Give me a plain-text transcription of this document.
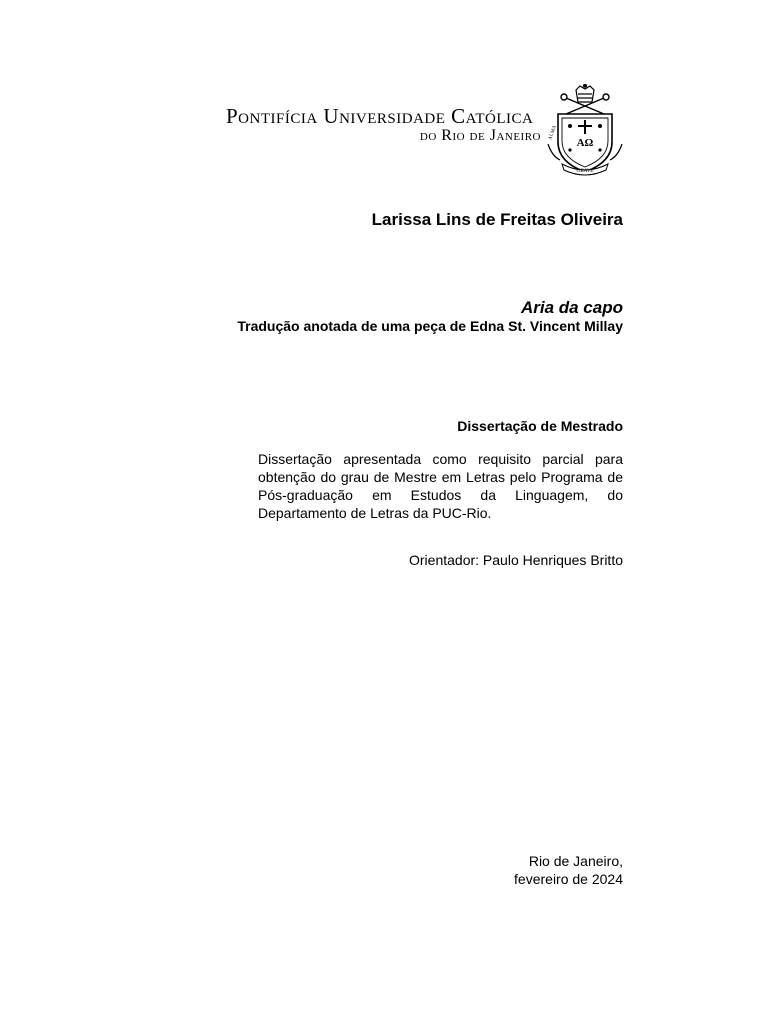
Pontifícia Universidade Católica
do Rio de Janeiro	ΑΩ
GRAVE
ALMA
Larissa Lins de Freitas Oliveira
Aria da capo
Tradução anotada de uma peça de Edna St. Vincent Millay
Dissertação de Mestrado
Dissertação apresentada como requisito parcial para obtenção do grau de Mestre em Letras pelo Programa de Pós-graduação em Estudos da Linguagem, do Departamento de Letras da PUC-Rio.
Orientador: Paulo Henriques Britto
Rio de Janeiro,
fevereiro de 2024
